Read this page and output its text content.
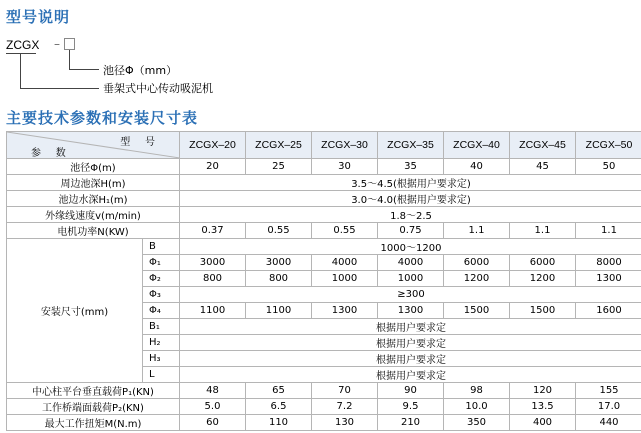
型号说明
ZCGX –
池径Φ（mm）
垂架式中心传动吸泥机
主要技术参数和安装尺寸表
型 号
参 数		ZCGX–20	ZCGX–25	ZCGX–30	ZCGX–35	ZCGX–40	ZCGX–45	ZCGX–50
池径Φ(m)		20	25	30	35	40	45	50
周边池深H(m)		3.5～4.5(根据用户要求定)						
池边水深H₁(m)		3.0～4.0(根据用户要求定)						
外缘线速度v(m/min)		1.8～2.5						
电机功率N(KW)		0.37	0.55	0.55	0.75	1.1	1.1	1.1
安装尺寸(mm)	B	1000～1200						
	Φ₁	3000	3000	4000	4000	6000	6000	8000
	Φ₂	800	800	1000	1000	1200	1200	1300
	Φ₃	≥300						
	Φ₄	1100	1100	1300	1300	1500	1500	1600
	B₁	根据用户要求定						
	H₂	根据用户要求定						
	H₃	根据用户要求定						
	L	根据用户要求定						
中心柱平台垂直载荷P₁(KN)		48	65	70	90	98	120	155
工作桥端面载荷P₂(KN)		5.0	6.5	7.2	9.5	10.0	13.5	17.0
最大工作扭矩M(N.m)		60	110	130	210	350	400	440
